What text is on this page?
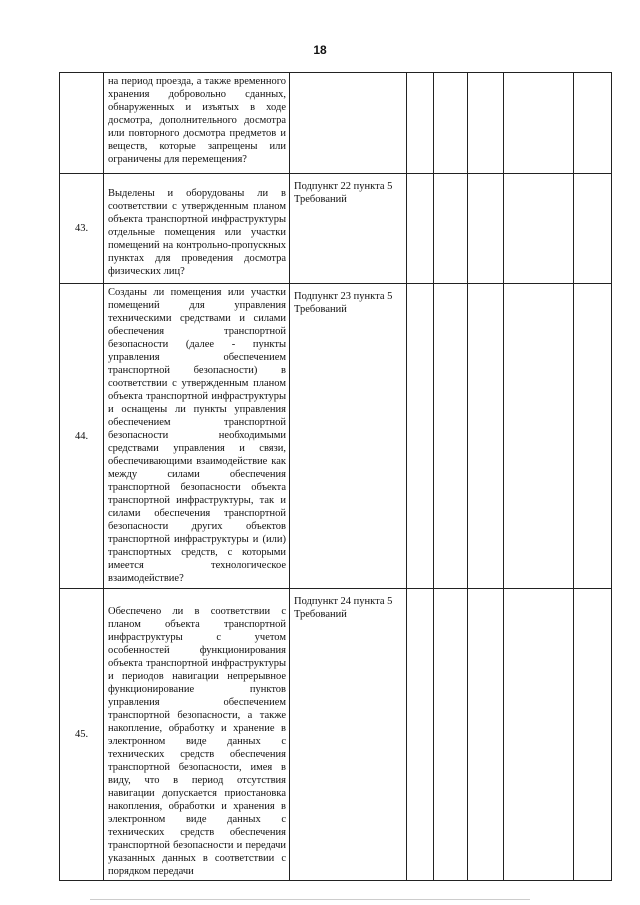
18
	на период проезда, а также временного хранения добровольно сданных, обнаруженных и изъятых в ходе досмотра, дополнительного досмотра или повторного досмотра предметов и веществ, которые запрещены или ограничены для перемещения?						
43.	Выделены и оборудованы ли в соответствии с утвержденным планом объекта транспортной инфраструктуры отдельные помещения или участки помещений на контрольно-пропускных пунктах для проведения досмотра физических лиц?	Подпункт 22 пункта 5 Требований					
44.	Созданы ли помещения или участки помещений для управления техническими средствами и силами обеспечения транспортной безопасности (далее - пункты управления обеспечением транспортной безопасности) в соответствии с утвержденным планом объекта транспортной инфраструктуры и оснащены ли пункты управления обеспечением транспортной безопасности необходимыми средствами управления и связи, обеспечивающими взаимодействие как между силами обеспечения транспортной безопасности объекта транспортной инфраструктуры, так и силами обеспечения транспортной безопасности других объектов транспортной инфраструктуры и (или) транспортных средств, с которыми имеется технологическое взаимодействие?	Подпункт 23 пункта 5 Требований					
45.	Обеспечено ли в соответствии с планом объекта транспортной инфраструктуры с учетом особенностей функционирования объекта транспортной инфраструктуры и периодов навигации непрерывное функционирование пунктов управления обеспечением транспортной безопасности, а также накопление, обработку и хранение в электронном виде данных с технических средств обеспечения транспортной безопасности, имея в виду, что в период отсутствия навигации допускается приостановка накопления, обработки и хранения в электронном виде данных с технических средств обеспечения транспортной безопасности и передачи указанных данных в соответствии с порядком передачи	Подпункт 24 пункта 5 Требований					
